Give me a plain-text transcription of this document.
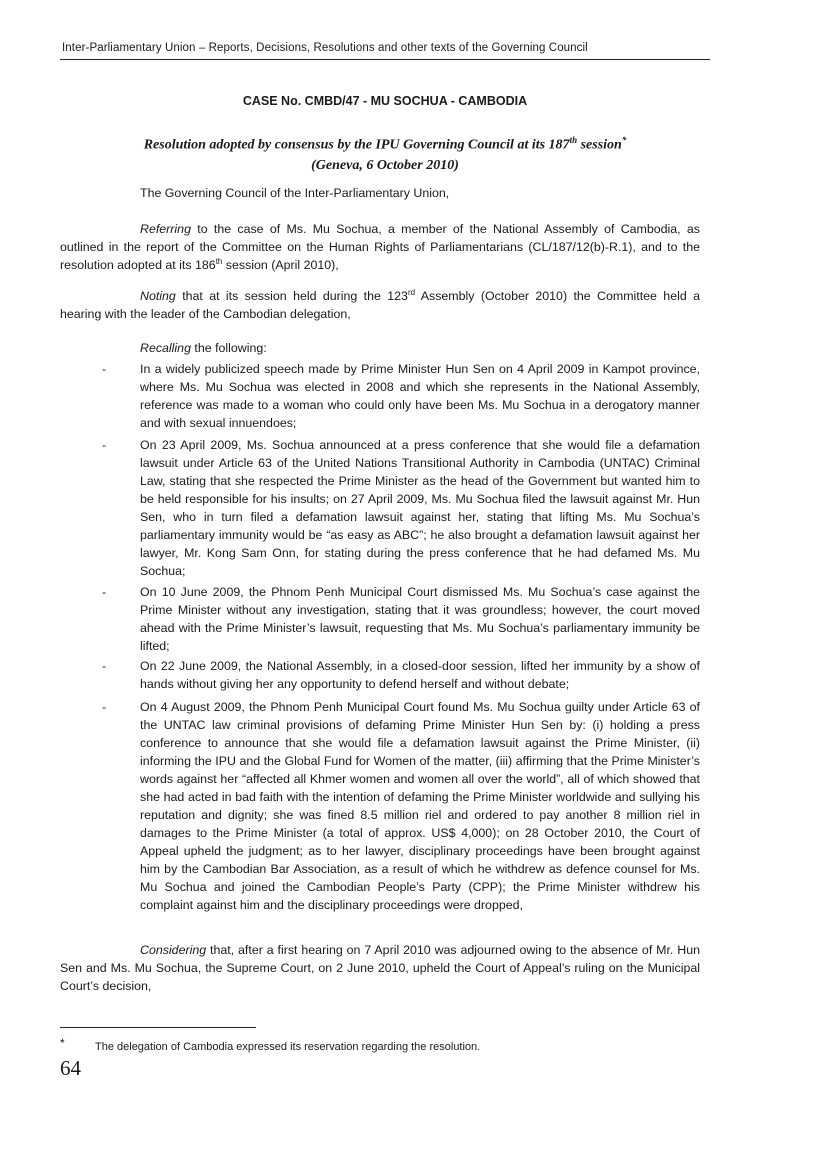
Inter-Parliamentary Union – Reports, Decisions, Resolutions and other texts of the Governing Council
CASE No. CMBD/47 - MU SOCHUA - CAMBODIA
Resolution adopted by consensus by the IPU Governing Council at its 187th session*
(Geneva, 6 October 2010)
The Governing Council of the Inter-Parliamentary Union,
Referring to the case of Ms. Mu Sochua, a member of the National Assembly of Cambodia, as outlined in the report of the Committee on the Human Rights of Parliamentarians (CL/187/12(b)-R.1), and to the resolution adopted at its 186th session (April 2010),
Noting that at its session held during the 123rd Assembly (October 2010) the Committee held a hearing with the leader of the Cambodian delegation,
Recalling the following:
-	In a widely publicized speech made by Prime Minister Hun Sen on 4 April 2009 in Kampot province, where Ms. Mu Sochua was elected in 2008 and which she represents in the National Assembly, reference was made to a woman who could only have been Ms. Mu Sochua in a derogatory manner and with sexual innuendoes;
-	On 23 April 2009, Ms. Sochua announced at a press conference that she would file a defamation lawsuit under Article 63 of the United Nations Transitional Authority in Cambodia (UNTAC) Criminal Law, stating that she respected the Prime Minister as the head of the Government but wanted him to be held responsible for his insults; on 27 April 2009, Ms. Mu Sochua filed the lawsuit against Mr. Hun Sen, who in turn filed a defamation lawsuit against her, stating that lifting Ms. Mu Sochua’s parliamentary immunity would be “as easy as ABC”; he also brought a defamation lawsuit against her lawyer, Mr. Kong Sam Onn, for stating during the press conference that he had defamed Ms. Mu Sochua;
-	On 10 June 2009, the Phnom Penh Municipal Court dismissed Ms. Mu Sochua’s case against the Prime Minister without any investigation, stating that it was groundless; however, the court moved ahead with the Prime Minister’s lawsuit, requesting that Ms. Mu Sochua’s parliamentary immunity be lifted;
-	On 22 June 2009, the National Assembly, in a closed-door session, lifted her immunity by a show of hands without giving her any opportunity to defend herself and without debate;
-	On 4 August 2009, the Phnom Penh Municipal Court found Ms. Mu Sochua guilty under Article 63 of the UNTAC law criminal provisions of defaming Prime Minister Hun Sen by: (i) holding a press conference to announce that she would file a defamation lawsuit against the Prime Minister, (ii) informing the IPU and the Global Fund for Women of the matter, (iii) affirming that the Prime Minister’s words against her “affected all Khmer women and women all over the world”, all of which showed that she had acted in bad faith with the intention of defaming the Prime Minister worldwide and sullying his reputation and dignity; she was fined 8.5 million riel and ordered to pay another 8 million riel in damages to the Prime Minister (a total of approx. US$ 4,000); on 28 October 2010, the Court of Appeal upheld the judgment; as to her lawyer, disciplinary proceedings have been brought against him by the Cambodian Bar Association, as a result of which he withdrew as defence counsel for Ms. Mu Sochua and joined the Cambodian People’s Party (CPP); the Prime Minister withdrew his complaint against him and the disciplinary proceedings were dropped,
Considering that, after a first hearing on 7 April 2010 was adjourned owing to the absence of Mr. Hun Sen and Ms. Mu Sochua, the Supreme Court, on 2 June 2010, upheld the Court of Appeal’s ruling on the Municipal Court’s decision,
*	The delegation of Cambodia expressed its reservation regarding the resolution.
64
